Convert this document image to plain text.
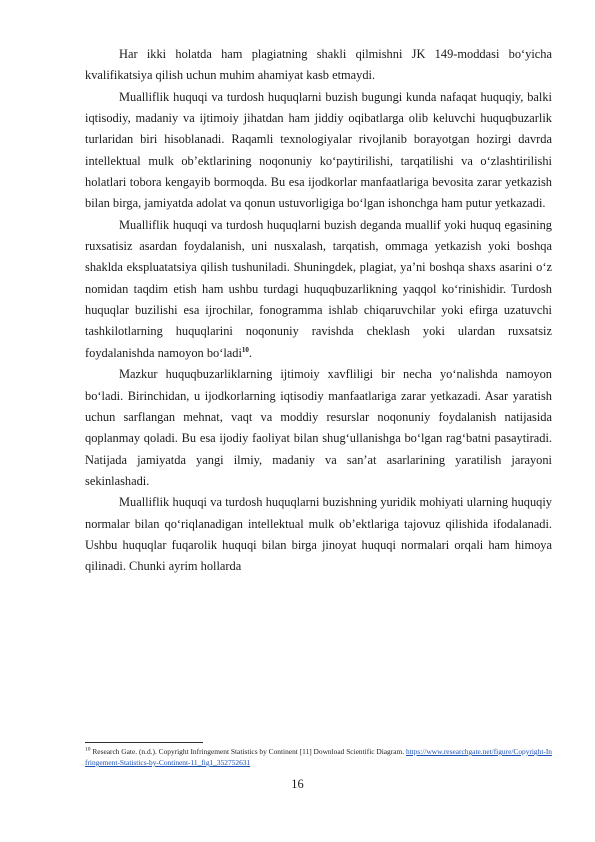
Har ikki holatda ham plagiatning shakli qilmishni JK 149-moddasi bo‘yicha kvalifikatsiya qilish uchun muhim ahamiyat kasb etmaydi.

Mualliflik huquqi va turdosh huquqlarni buzish bugungi kunda nafaqat huquqiy, balki iqtisodiy, madaniy va ijtimoiy jihatdan ham jiddiy oqibatlarga olib keluvchi huquqbuzarlik turlaridan biri hisoblanadi. Raqamli texnologiyalar rivojlanib borayotgan hozirgi davrda intellektual mulk ob’ektlarining noqonuniy ko‘paytirilishi, tarqatilishi va o‘zlashtirilishi holatlari tobora kengayib bormoqda. Bu esa ijodkorlar manfaatlariga bevosita zarar yetkazish bilan birga, jamiyatda adolat va qonun ustuvorligiga bo‘lgan ishonchga ham putur yetkazadi.

Mualliflik huquqi va turdosh huquqlarni buzish deganda muallif yoki huquq egasining ruxsatisiz asardan foydalanish, uni nusxalash, tarqatish, ommaga yetkazish yoki boshqa shaklda ekspluatatsiya qilish tushuniladi. Shuningdek, plagiat, ya’ni boshqa shaxs asarini o‘z nomidan taqdim etish ham ushbu turdagi huquqbuzarlikning yaqqol ko‘rinishidir. Turdosh huquqlar buzilishi esa ijrochilar, fonogramma ishlab chiqaruvchilar yoki efirga uzatuvchi tashkilotlarning huquqlarini noqonuniy ravishda cheklash yoki ulardan ruxsatsiz foydalanishda namoyon bo‘ladi$^{10}$.

Mazkur huquqbuzarliklarning ijtimoiy xavfliligi bir necha yo‘nalishda namoyon bo‘ladi. Birinchidan, u ijodkorlarning iqtisodiy manfaatlariga zarar yetkazadi. Asar yaratish uchun sarflangan mehnat, vaqt va moddiy resurslar noqonuniy foydalanish natijasida qoplanmay qoladi. Bu esa ijodiy faoliyat bilan shug‘ullanishga bo‘lgan rag‘batni pasaytiradi. Natijada jamiyatda yangi ilmiy, madaniy va san’at asarlarining yaratilish jarayoni sekinlashadi.

Mualliflik huquqi va turdosh huquqlarni buzishning yuridik mohiyati ularning huquqiy normalar bilan qo‘riqlanadigan intellektual mulk ob’ektlariga tajovuz qilishida ifodalanadi. Ushbu huquqlar fuqarolik huquqi bilan birga jinoyat huquqi normalari orqali ham himoya qilinadi. Chunki ayrim hollarda

$^{10}$ Research Gate. (n.d.). Copyright Infringement Statistics by Continent [11] Download Scientific Diagram. https://www.researchgate.net/figure/Copyright-Infringement-Statistics-by-Continent-11_fig1_352752631
16
